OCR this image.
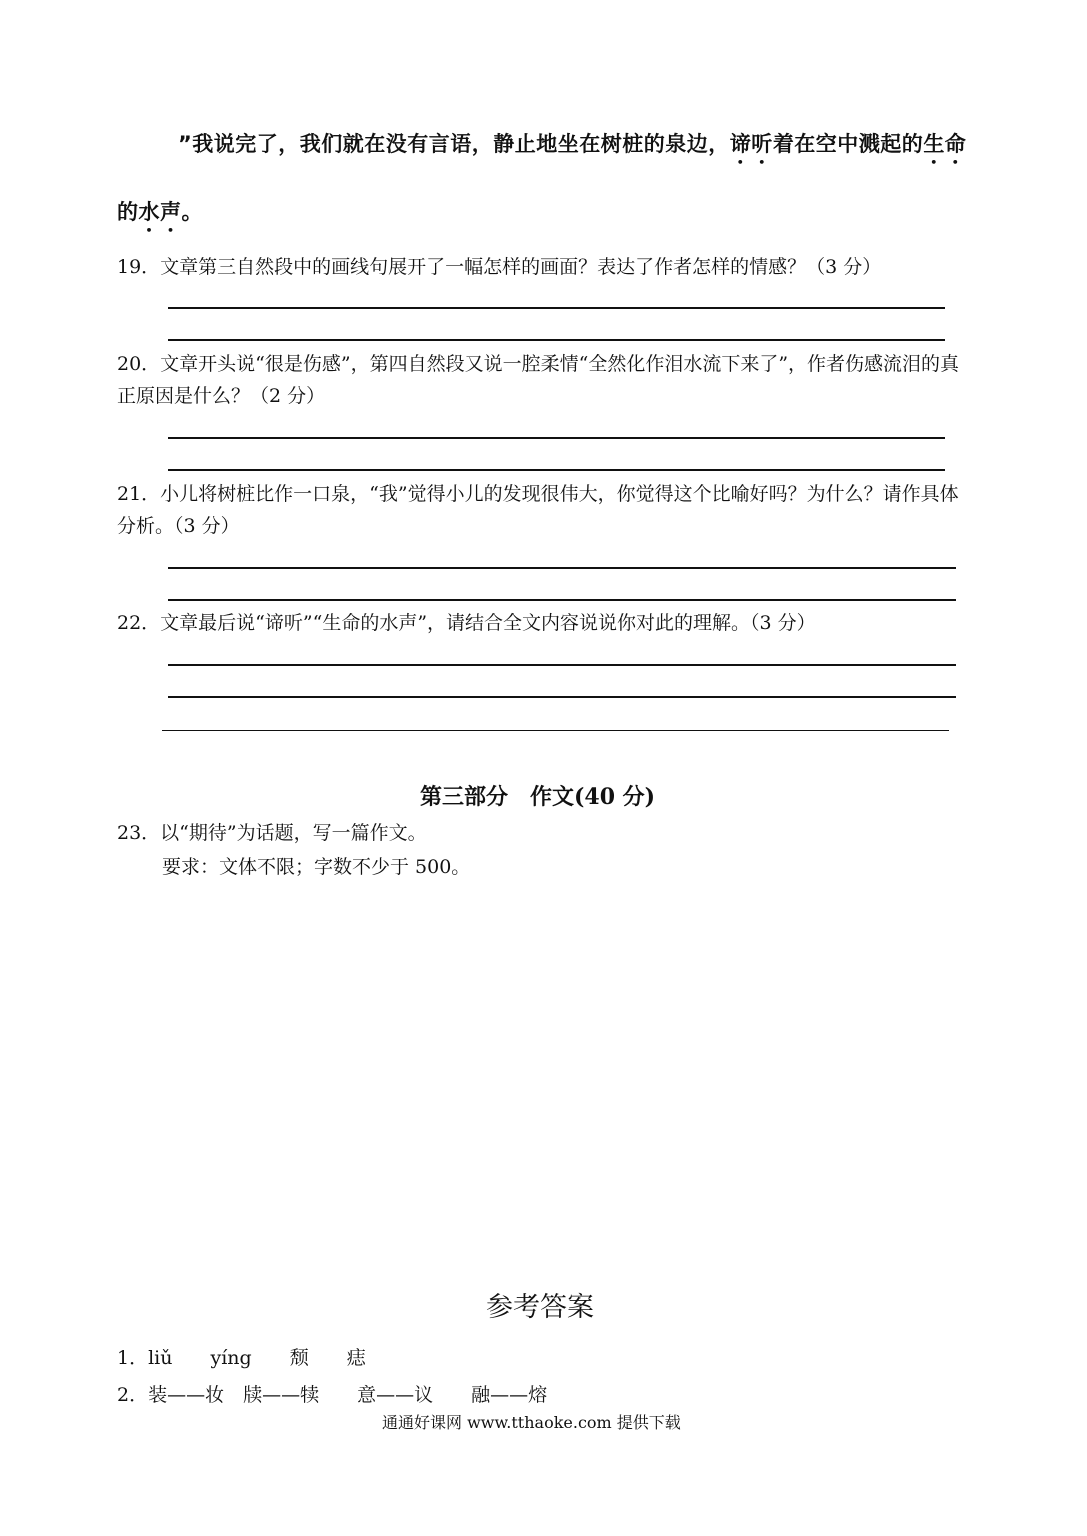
”我说完了，我们就在没有言语，静止地坐在树桩的泉边，谛听着在空中溅起的生命
的水声。
19．文章第三自然段中的画线句展开了一幅怎样的画面？表达了作者怎样的情感？（3 分）
20．文章开头说“很是伤感”，第四自然段又说一腔柔情“全然化作泪水流下来了”，作者伤感流泪的真正原因是什么？（2 分）
21．小儿将树桩比作一口泉，“我”觉得小儿的发现很伟大，你觉得这个比喻好吗？为什么？请作具体分析。（3 分）
22．文章最后说“谛听”“生命的水声”，请结合全文内容说说你对此的理解。（3 分）
第三部分　作文(40 分)
23．以“期待”为话题，写一篇作文。
要求：文体不限；字数不少于 500。
参考答案
1．liǔ　　yíng　　颓　　痣
2．装——妆　牍——犊　　意——议　　融——熔
通通好课网 www.tthaoke.com 提供下载
